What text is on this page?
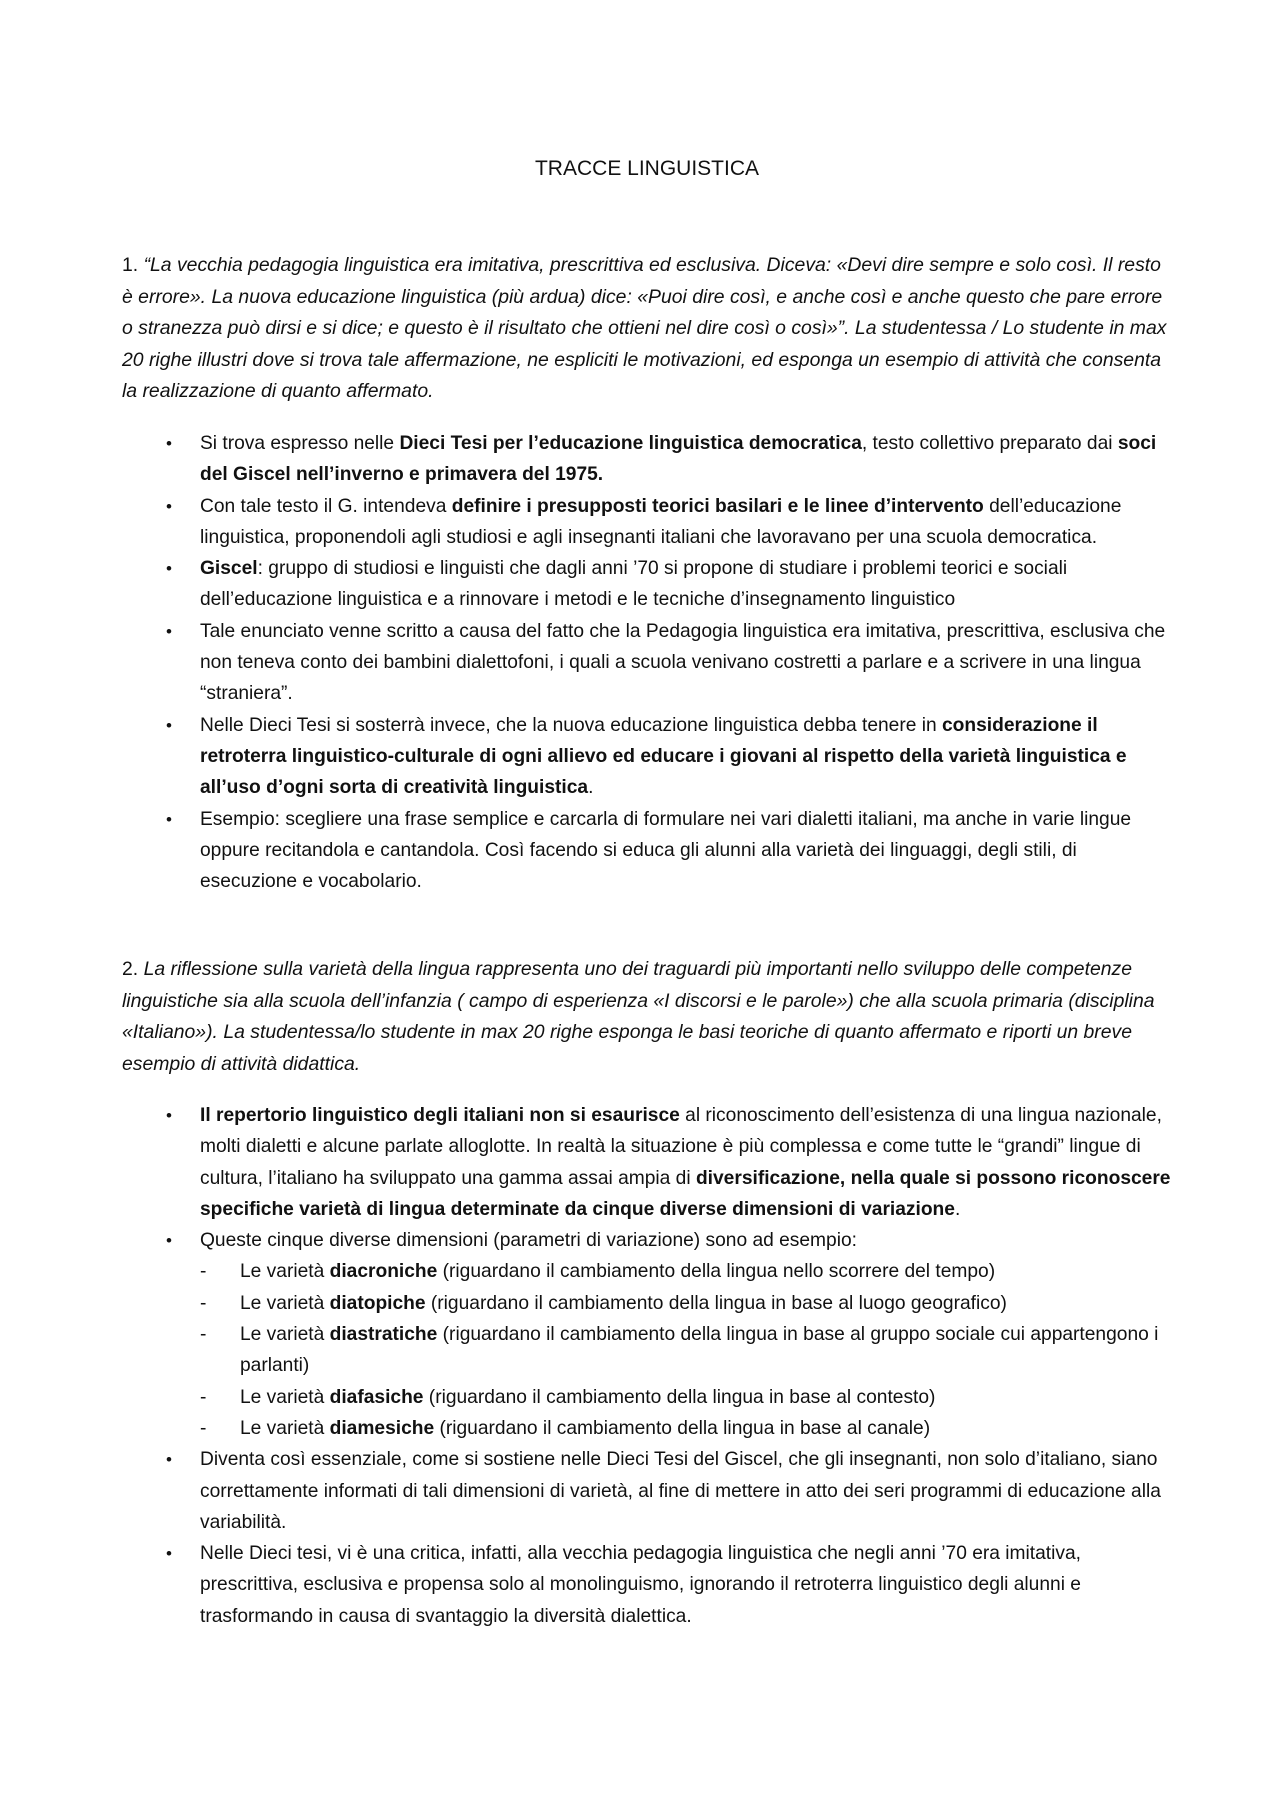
TRACCE LINGUISTICA
1. “La vecchia pedagogia linguistica era imitativa, prescrittiva ed esclusiva. Diceva: «Devi dire sempre e solo così. Il resto è errore». La nuova educazione linguistica (più ardua) dice: «Puoi dire così, e anche così e anche questo che pare errore o stranezza può dirsi e si dice; e questo è il risultato che ottieni nel dire così o così»”. La studentessa / Lo studente in max 20 righe illustri dove si trova tale affermazione, ne espliciti le motivazioni, ed esponga un esempio di attività che consenta la realizzazione di quanto affermato.
• Si trova espresso nelle Dieci Tesi per l’educazione linguistica democratica, testo collettivo preparato dai soci del Giscel nell’inverno e primavera del 1975.
• Con tale testo il G. intendeva definire i presupposti teorici basilari e le linee d’intervento dell’educazione linguistica, proponendoli agli studiosi e agli insegnanti italiani che lavoravano per una scuola democratica.
• Giscel: gruppo di studiosi e linguisti che dagli anni ’70 si propone di studiare i problemi teorici e sociali dell’educazione linguistica e a rinnovare i metodi e le tecniche d’insegnamento linguistico
• Tale enunciato venne scritto a causa del fatto che la Pedagogia linguistica era imitativa, prescrittiva, esclusiva che non teneva conto dei bambini dialettofoni, i quali a scuola venivano costretti a parlare e a scrivere in una lingua “straniera”.
• Nelle Dieci Tesi si sosterrà invece, che la nuova educazione linguistica debba tenere in considerazione il retroterra linguistico-culturale di ogni allievo ed educare i giovani al rispetto della varietà linguistica e all’uso d’ogni sorta di creatività linguistica.
• Esempio: scegliere una frase semplice e carcarla di formulare nei vari dialetti italiani, ma anche in varie lingue oppure recitandola e cantandola. Così facendo si educa gli alunni alla varietà dei linguaggi, degli stili, di esecuzione e vocabolario.
2. La riflessione sulla varietà della lingua rappresenta uno dei traguardi più importanti nello sviluppo delle competenze linguistiche sia alla scuola dell’infanzia ( campo di esperienza «I discorsi e le parole») che alla scuola primaria (disciplina «Italiano»). La studentessa/lo studente in max 20 righe esponga le basi teoriche di quanto affermato e riporti un breve esempio di attività didattica.
• Il repertorio linguistico degli italiani non si esaurisce al riconoscimento dell’esistenza di una lingua nazionale, molti dialetti e alcune parlate alloglotte. In realtà la situazione è più complessa e come tutte le “grandi” lingue di cultura, l’italiano ha sviluppato una gamma assai ampia di diversificazione, nella quale si possono riconoscere specifiche varietà di lingua determinate da cinque diverse dimensioni di variazione.
• Queste cinque diverse dimensioni (parametri di variazione) sono ad esempio:
- Le varietà diacroniche (riguardano il cambiamento della lingua nello scorrere del tempo)
- Le varietà diatopiche (riguardano il cambiamento della lingua in base al luogo geografico)
- Le varietà diastratiche (riguardano il cambiamento della lingua in base al gruppo sociale cui appartengono i parlanti)
- Le varietà diafasiche (riguardano il cambiamento della lingua in base al contesto)
- Le varietà diamesiche (riguardano il cambiamento della lingua in base al canale)
• Diventa così essenziale, come si sostiene nelle Dieci Tesi del Giscel, che gli insegnanti, non solo d’italiano, siano correttamente informati di tali dimensioni di varietà, al fine di mettere in atto dei seri programmi di educazione alla variabilità.
• Nelle Dieci tesi, vi è una critica, infatti, alla vecchia pedagogia linguistica che negli anni ’70 era imitativa, prescrittiva, esclusiva e propensa solo al monolinguismo, ignorando il retroterra linguistico degli alunni e trasformando in causa di svantaggio la diversità dialettica.
